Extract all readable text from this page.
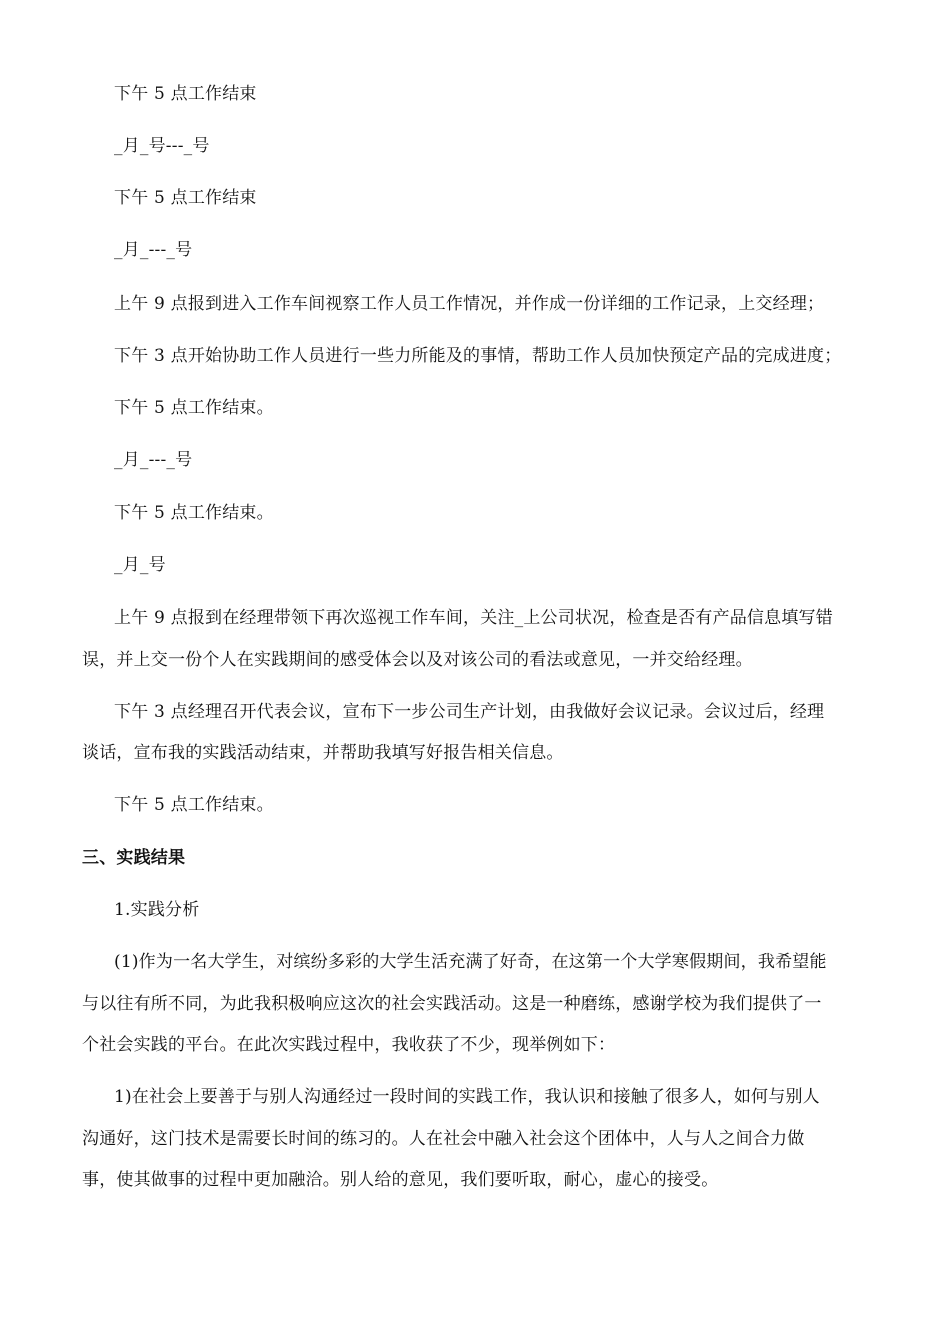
下午 5 点工作结束
_月_号---_号
下午 5 点工作结束
_月_---_号
上午 9 点报到进入工作车间视察工作人员工作情况，并作成一份详细的工作记录，上交经理；
下午 3 点开始协助工作人员进行一些力所能及的事情，帮助工作人员加快预定产品的完成进度；
下午 5 点工作结束。
_月_---_号
下午 5 点工作结束。
_月_号
上午 9 点报到在经理带领下再次巡视工作车间，关注_上公司状况，检查是否有产品信息填写错
误，并上交一份个人在实践期间的感受体会以及对该公司的看法或意见，一并交给经理。
下午 3 点经理召开代表会议，宣布下一步公司生产计划，由我做好会议记录。会议过后，经理
谈话，宣布我的实践活动结束，并帮助我填写好报告相关信息。
下午 5 点工作结束。
三、实践结果
1.实践分析
(1)作为一名大学生，对缤纷多彩的大学生活充满了好奇，在这第一个大学寒假期间，我希望能
与以往有所不同，为此我积极响应这次的社会实践活动。这是一种磨练，感谢学校为我们提供了一
个社会实践的平台。在此次实践过程中，我收获了不少，现举例如下：
1)在社会上要善于与别人沟通经过一段时间的实践工作，我认识和接触了很多人，如何与别人
沟通好，这门技术是需要长时间的练习的。人在社会中融入社会这个团体中，人与人之间合力做
事，使其做事的过程中更加融洽。别人给的意见，我们要听取，耐心，虚心的接受。
